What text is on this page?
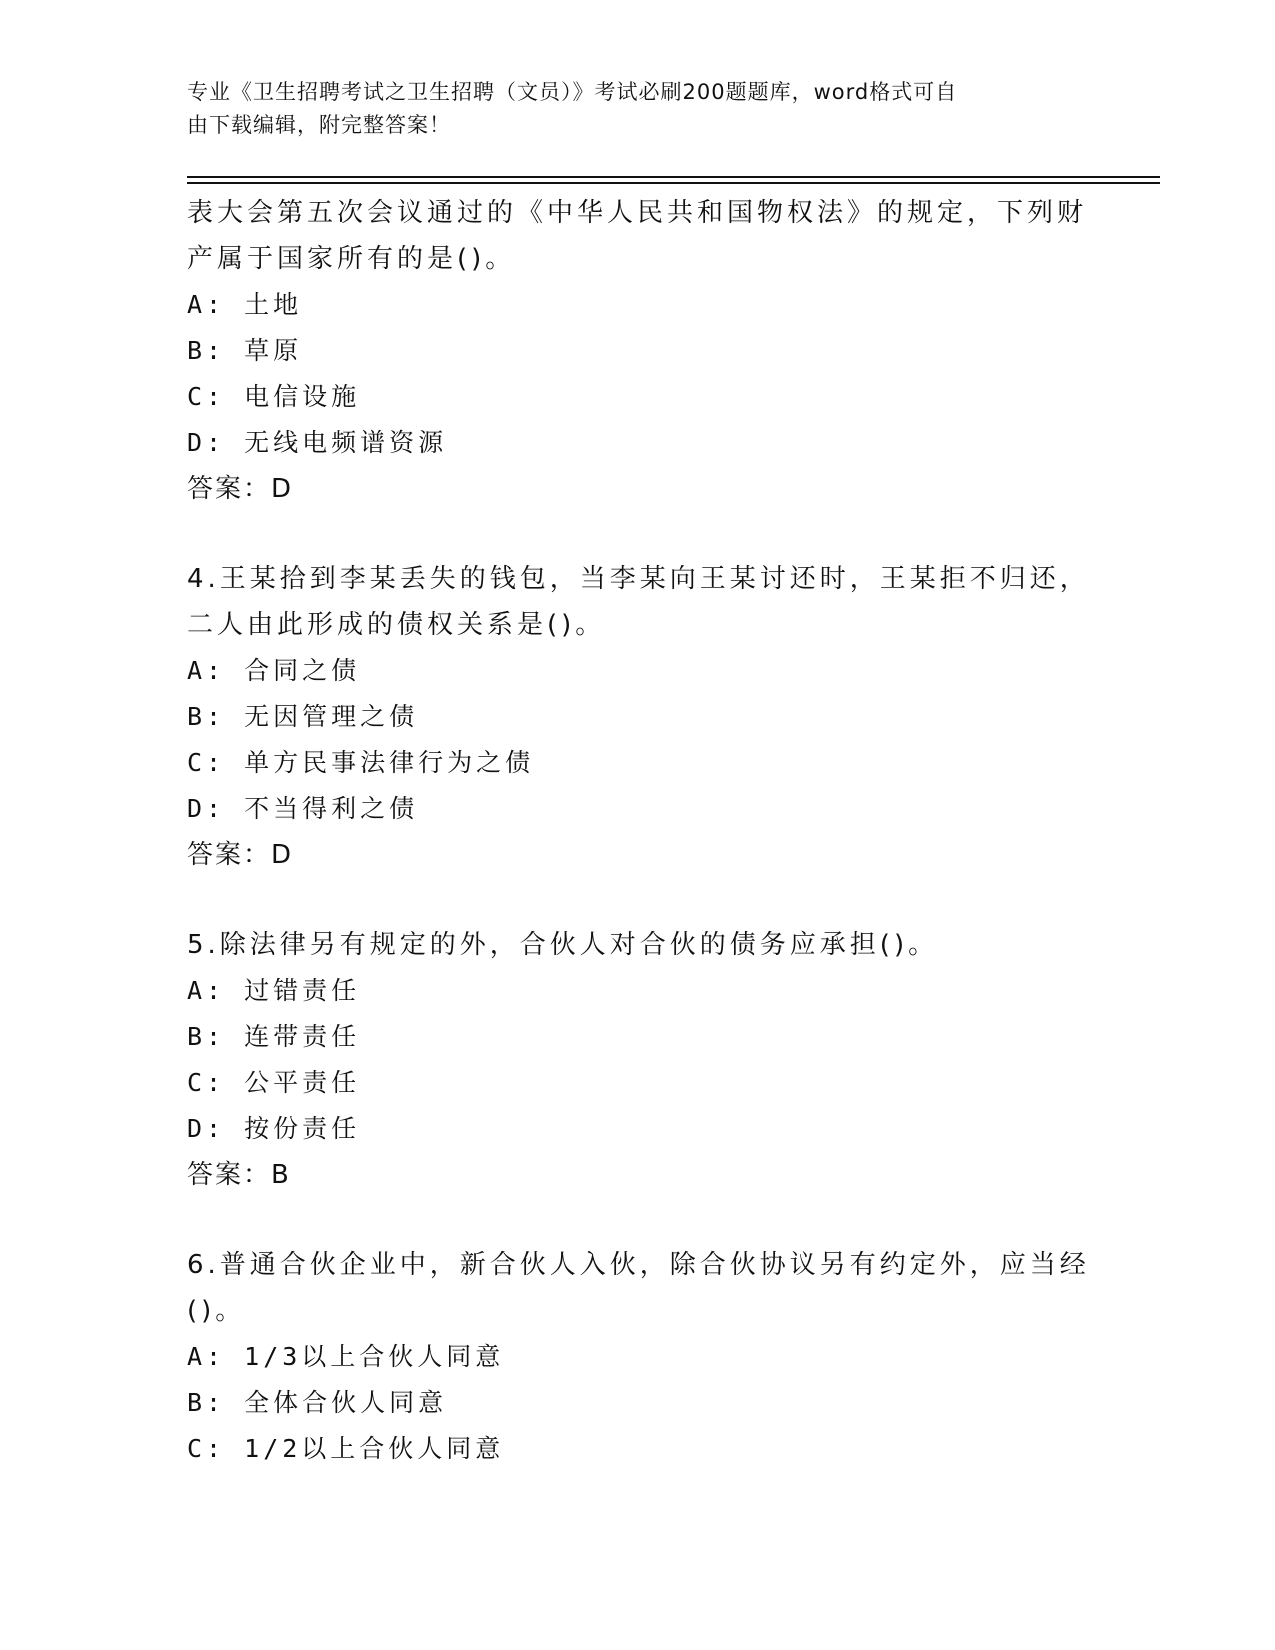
专业《卫生招聘考试之卫生招聘（文员）》考试必刷200题题库，word格式可自
由下载编辑，附完整答案！
表大会第五次会议通过的《中华人民共和国物权法》的规定，下列财
产属于国家所有的是()。
A: 土地
B: 草原
C: 电信设施
D: 无线电频谱资源
答案：D
4.王某拾到李某丢失的钱包，当李某向王某讨还时，王某拒不归还，
二人由此形成的债权关系是()。
A: 合同之债
B: 无因管理之债
C: 单方民事法律行为之债
D: 不当得利之债
答案：D
5.除法律另有规定的外，合伙人对合伙的债务应承担()。
A: 过错责任
B: 连带责任
C: 公平责任
D: 按份责任
答案：B
6.普通合伙企业中，新合伙人入伙，除合伙协议另有约定外，应当经
()。
A: 1/3以上合伙人同意
B: 全体合伙人同意
C: 1/2以上合伙人同意
